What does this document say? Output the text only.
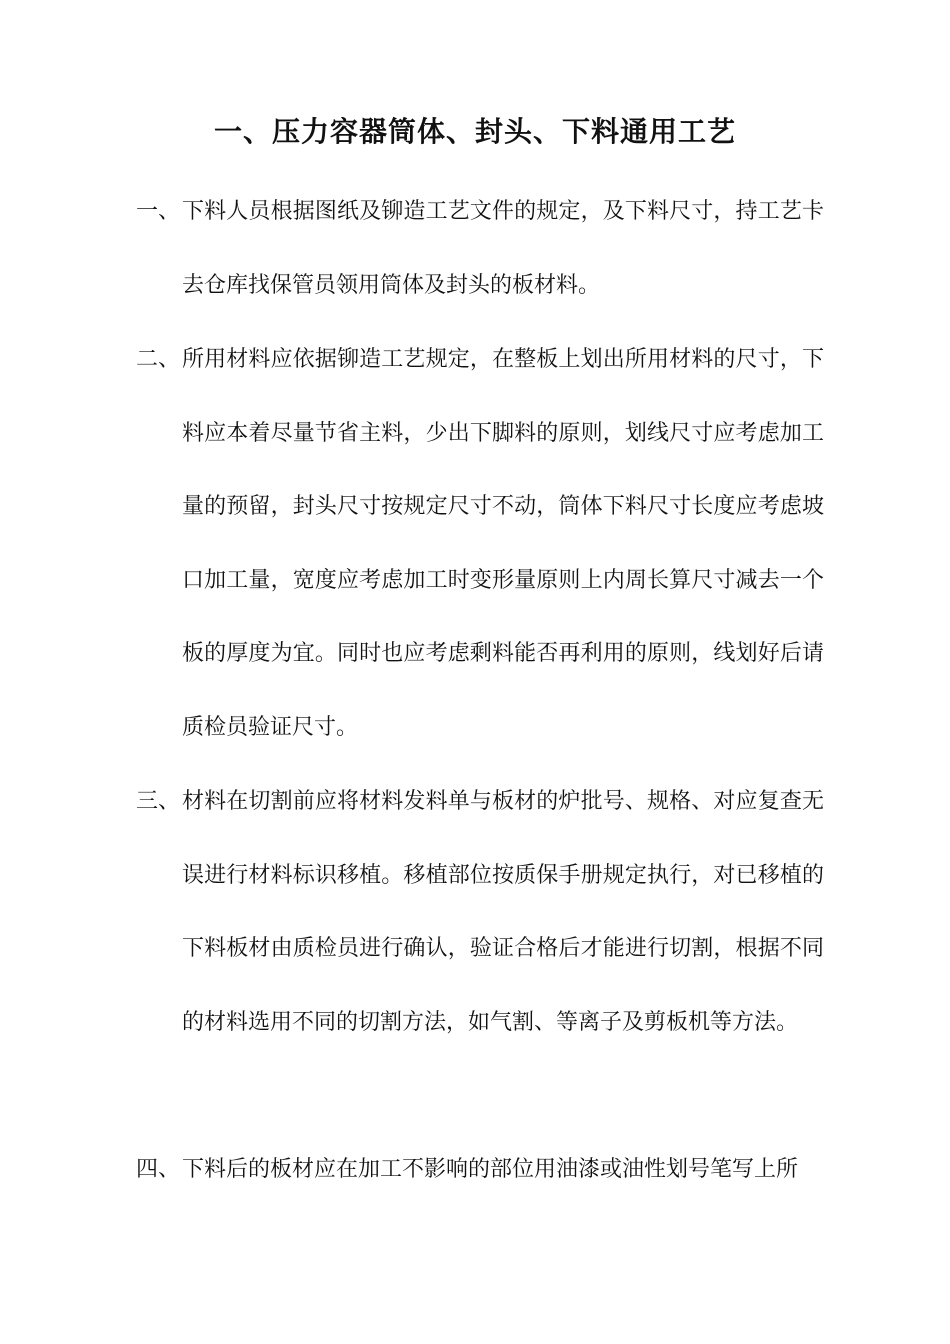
一、压力容器筒体、封头、下料通用工艺
一、 下料人员根据图纸及铆造工艺文件的规定，及下料尺寸，持工艺卡去仓库找保管员领用筒体及封头的板材料。
二、 所用材料应依据铆造工艺规定，在整板上划出所用材料的尺寸，下料应本着尽量节省主料，少出下脚料的原则，划线尺寸应考虑加工量的预留，封头尺寸按规定尺寸不动，筒体下料尺寸长度应考虑坡口加工量，宽度应考虑加工时变形量原则上内周长算尺寸减去一个板的厚度为宜。同时也应考虑剩料能否再利用的原则，线划好后请质检员验证尺寸。
三、 材料在切割前应将材料发料单与板材的炉批号、规格、对应复查无误进行材料标识移植。移植部位按质保手册规定执行，对已移植的下料板材由质检员进行确认，验证合格后才能进行切割，根据不同的材料选用不同的切割方法，如气割、等离子及剪板机等方法。
四、 下料后的板材应在加工不影响的部位用油漆或油性划号笔写上所
